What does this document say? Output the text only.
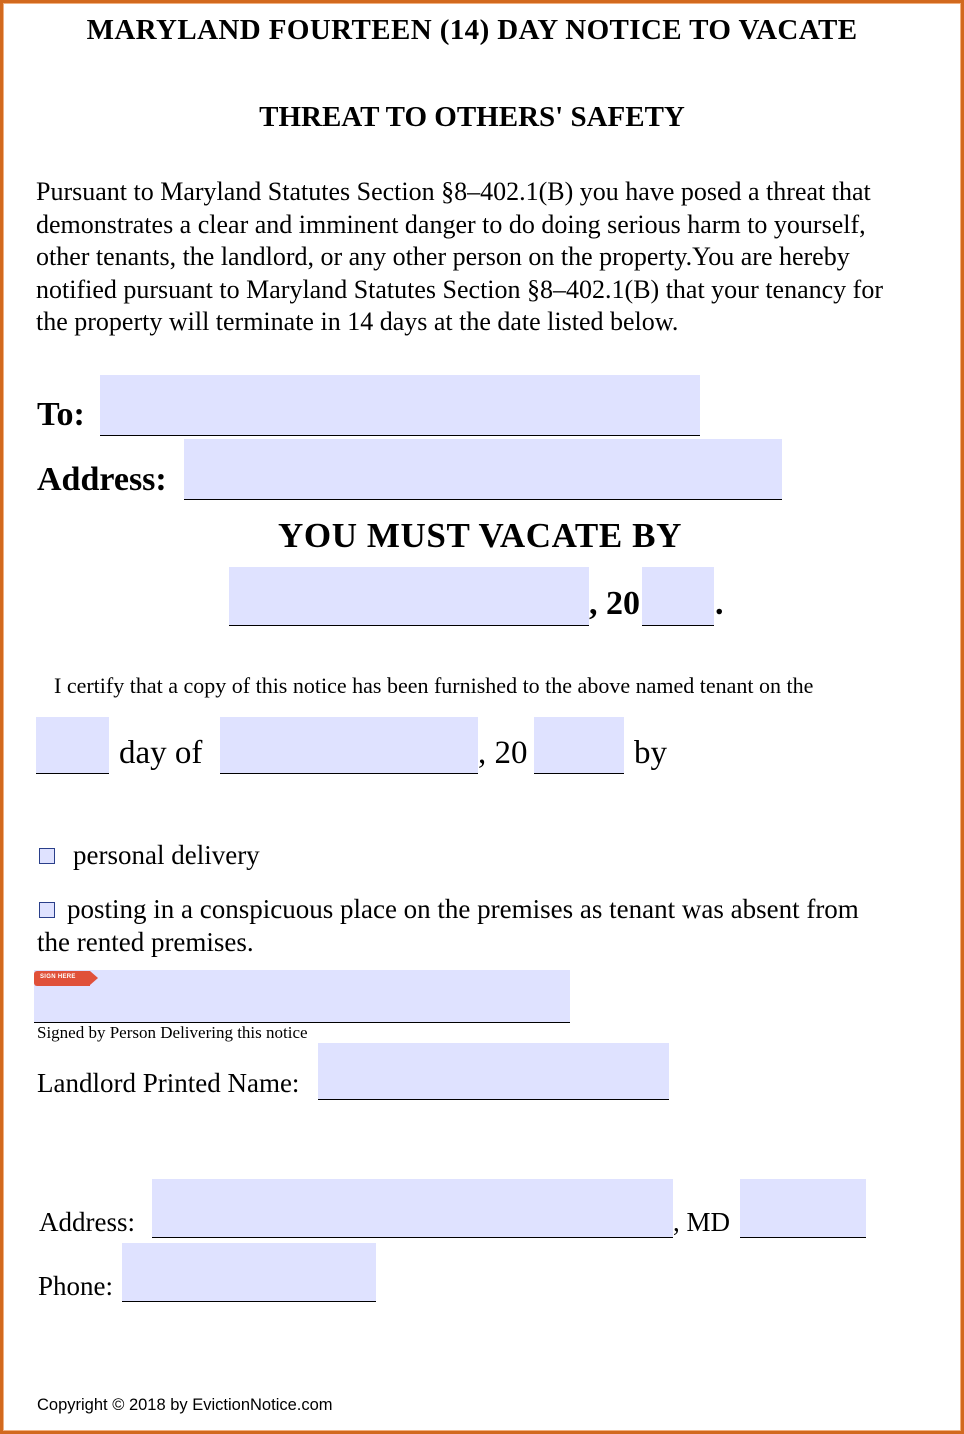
MARYLAND FOURTEEN (14) DAY NOTICE TO VACATE
THREAT TO OTHERS' SAFETY
Pursuant to Maryland Statutes Section §8–402.1(B) you have posed a threat that demonstrates a clear and imminent danger to do doing serious harm to yourself, other tenants, the landlord, or any other person on the property.You are hereby notified pursuant to Maryland Statutes Section §8–402.1(B) that your tenancy for the property will terminate in 14 days at the date listed below.
To:
Address:
YOU MUST VACATE BY
, 20 .
I certify that a copy of this notice has been furnished to the above named tenant on the
day of	, 20	by
personal delivery
posting in a conspicuous place on the premises as tenant was absent from
the rented premises.
SIGN HERE
Signed by Person Delivering this notice
Landlord Printed Name:
Address:	, MD
Phone:
Copyright © 2018 by EvictionNotice.com
